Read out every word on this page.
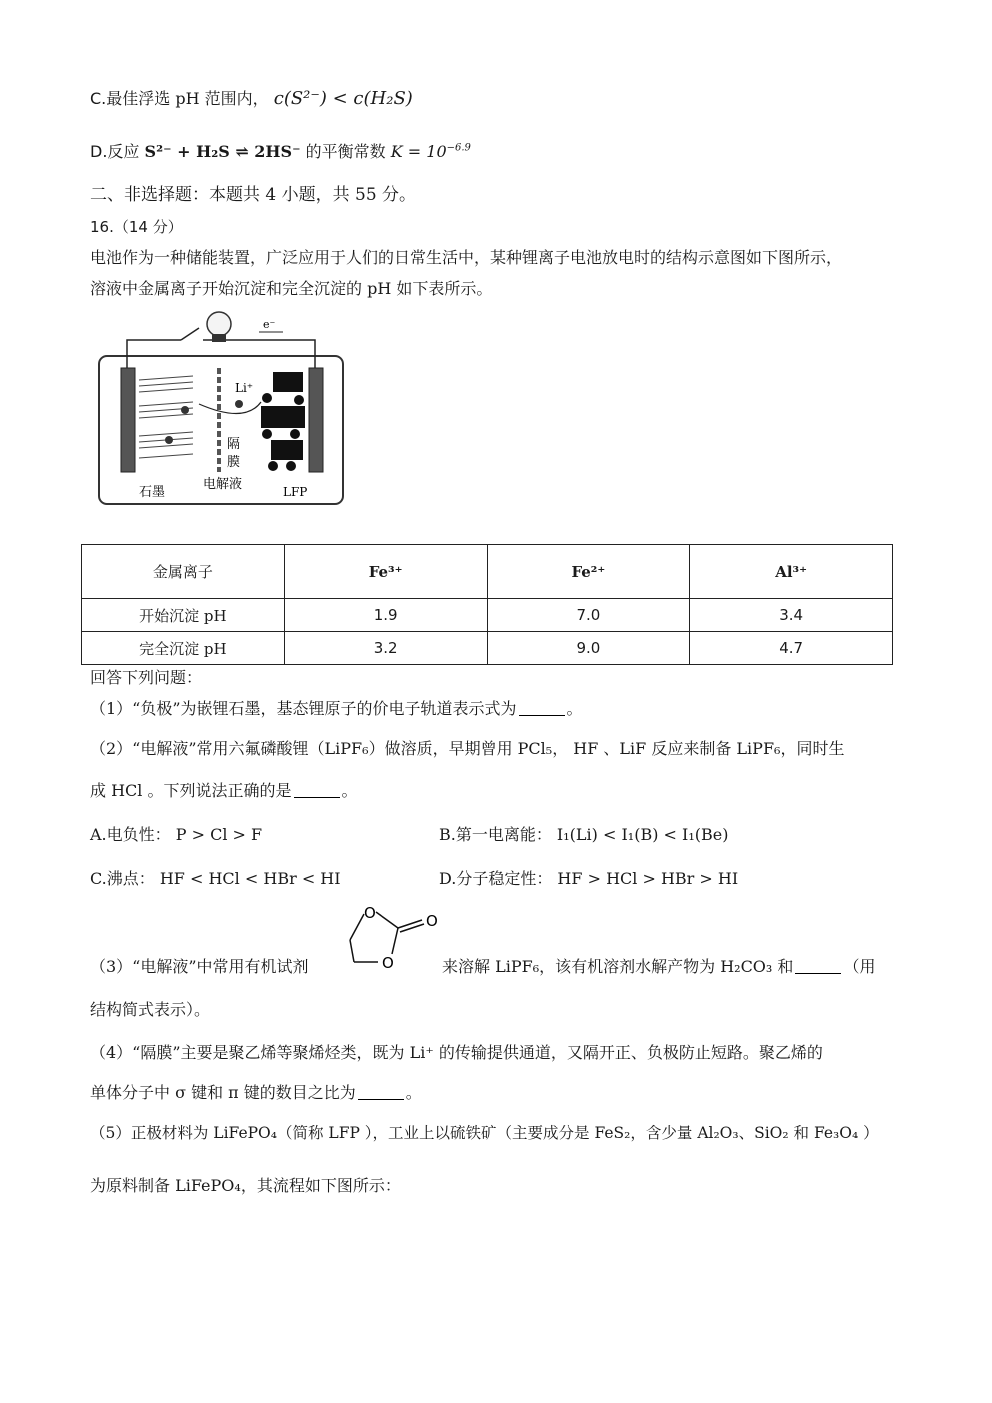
C.最佳浮选 pH 范围内， c(S²⁻) < c(H₂S)
D.反应 S²⁻ + H₂S ⇌ 2HS⁻ 的平衡常数 $K = 10^{-6.9}$
二、非选择题：本题共 4 小题，共 55 分。
16.（14 分）
电池作为一种储能装置，广泛应用于人们的日常生活中，某种锂离子电池放电时的结构示意图如下图所示，
溶液中金属离子开始沉淀和完全沉淀的 pH 如下表所示。
e⁻
隔
膜
Li⁺
石墨
电解液	LFP
金属离子	Fe³⁺	Fe²⁺	Al³⁺
开始沉淀 pH	1.9	7.0	3.4
完全沉淀 pH	3.2	9.0	4.7
回答下列问题：
（1）“负极”为嵌锂石墨，基态锂原子的价电子轨道表示式为	。
（2）“电解液”常用六氟磷酸锂（LiPF₆）做溶质，早期曾用 PCl₅， HF 、LiF 反应来制备 LiPF₆，同时生
成 HCl 。下列说法正确的是	。
A.电负性： P > Cl > F	B.第一电离能： I₁(Li) < I₁(B) < I₁(Be)
C.沸点： HF < HCl < HBr < HI	D.分子稳定性： HF > HCl > HBr > HI
O
O
O
（3）“电解液”中常用有机试剂	来溶解 LiPF₆，该有机溶剂水解产物为 H₂CO₃ 和	（用
结构简式表示）。
（4）“隔膜”主要是聚乙烯等聚烯烃类，既为 Li⁺ 的传输提供通道，又隔开正、负极防止短路。聚乙烯的
单体分子中 σ 键和 π 键的数目之比为	。
（5）正极材料为 LiFePO₄（简称 LFP ），工业上以硫铁矿（主要成分是 FeS₂，含少量 Al₂O₃、SiO₂ 和 Fe₃O₄ ）
为原料制备 LiFePO₄，其流程如下图所示：
